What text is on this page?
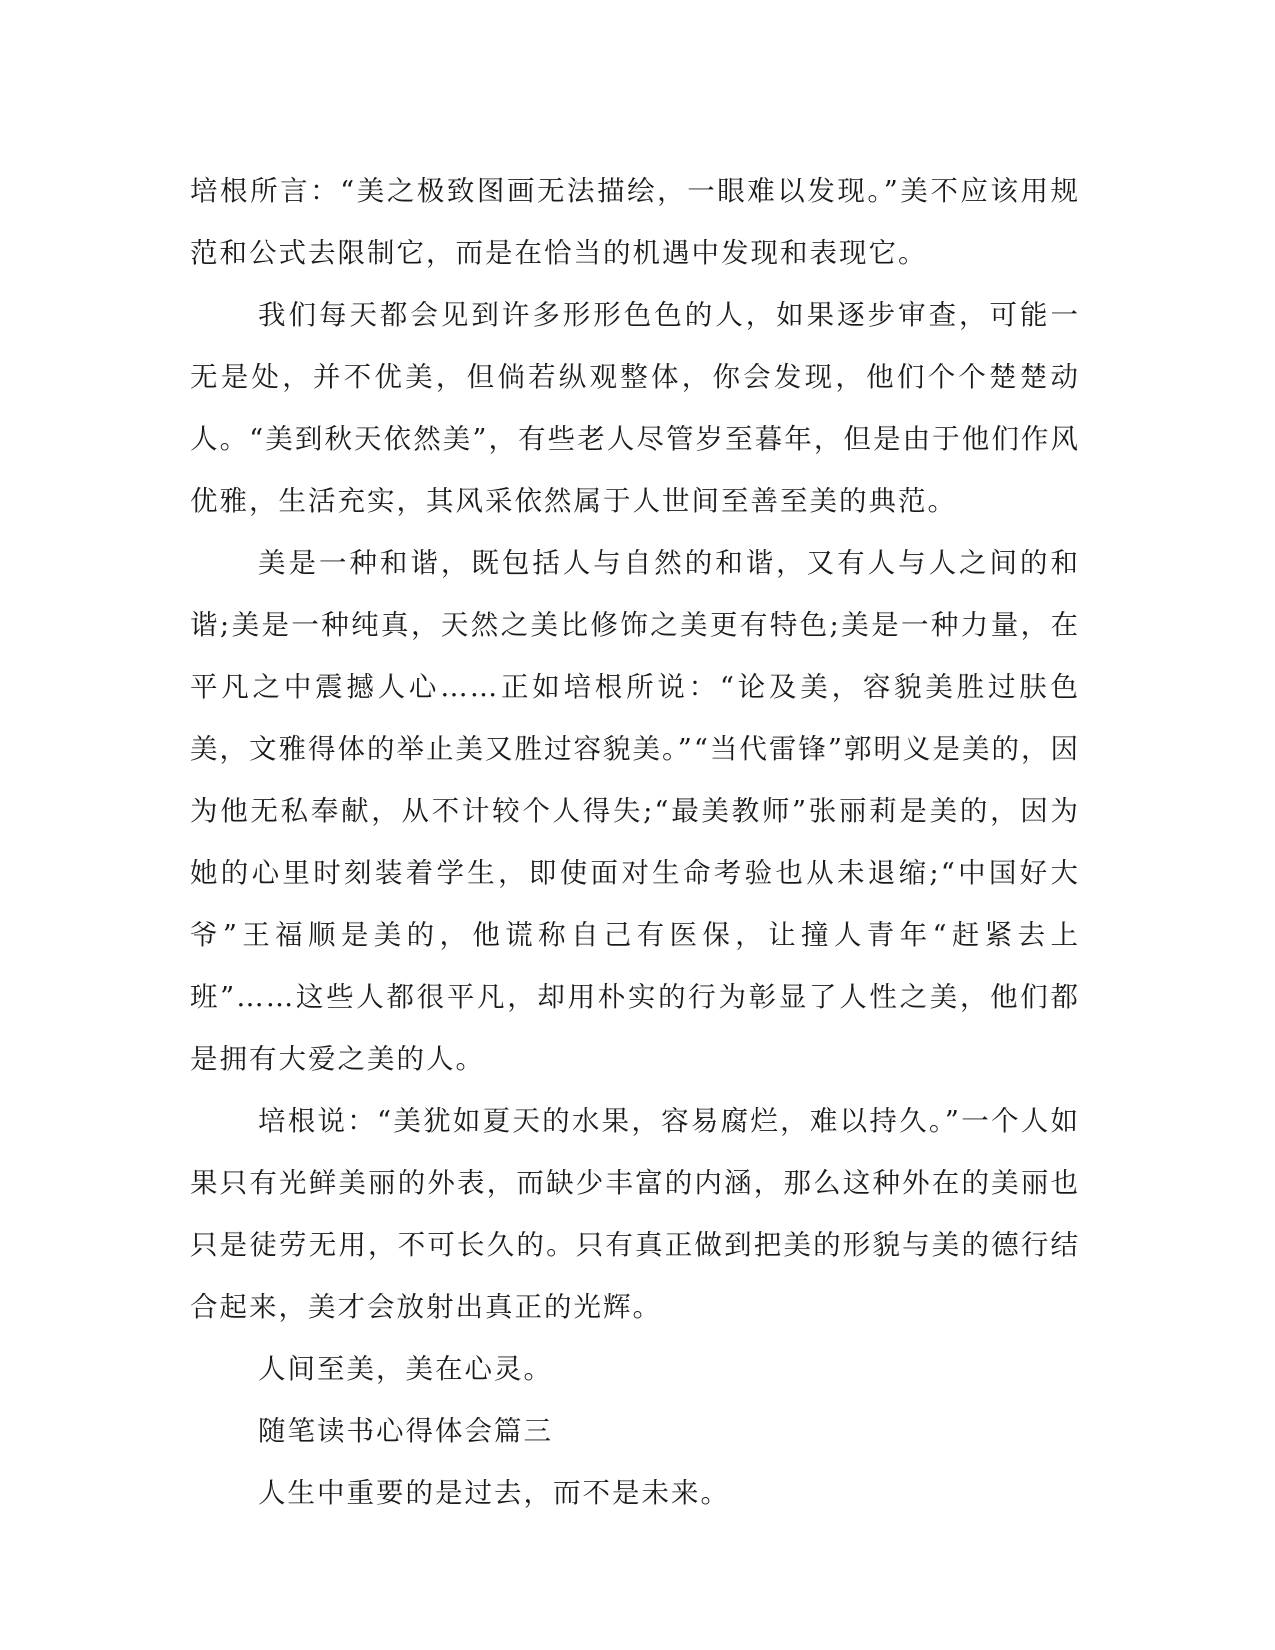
培根所言：“美之极致图画无法描绘，一眼难以发现。”美不应该用规范和公式去限制它，而是在恰当的机遇中发现和表现它。

我们每天都会见到许多形形色色的人，如果逐步审查，可能一无是处，并不优美，但倘若纵观整体，你会发现，他们个个楚楚动人。“美到秋天依然美”，有些老人尽管岁至暮年，但是由于他们作风优雅，生活充实，其风采依然属于人世间至善至美的典范。

美是一种和谐，既包括人与自然的和谐，又有人与人之间的和谐;美是一种纯真，天然之美比修饰之美更有特色;美是一种力量，在平凡之中震撼人心……正如培根所说：“论及美，容貌美胜过肤色美，文雅得体的举止美又胜过容貌美。”“当代雷锋”郭明义是美的，因为他无私奉献，从不计较个人得失;“最美教师”张丽莉是美的，因为她的心里时刻装着学生，即使面对生命考验也从未退缩;“中国好大爷”王福顺是美的，他谎称自己有医保，让撞人青年“赶紧去上班”……这些人都很平凡，却用朴实的行为彰显了人性之美，他们都是拥有大爱之美的人。

培根说：“美犹如夏天的水果，容易腐烂，难以持久。”一个人如果只有光鲜美丽的外表，而缺少丰富的内涵，那么这种外在的美丽也只是徒劳无用，不可长久的。只有真正做到把美的形貌与美的德行结合起来，美才会放射出真正的光辉。

人间至美，美在心灵。

随笔读书心得体会篇三

人生中重要的是过去，而不是未来。
